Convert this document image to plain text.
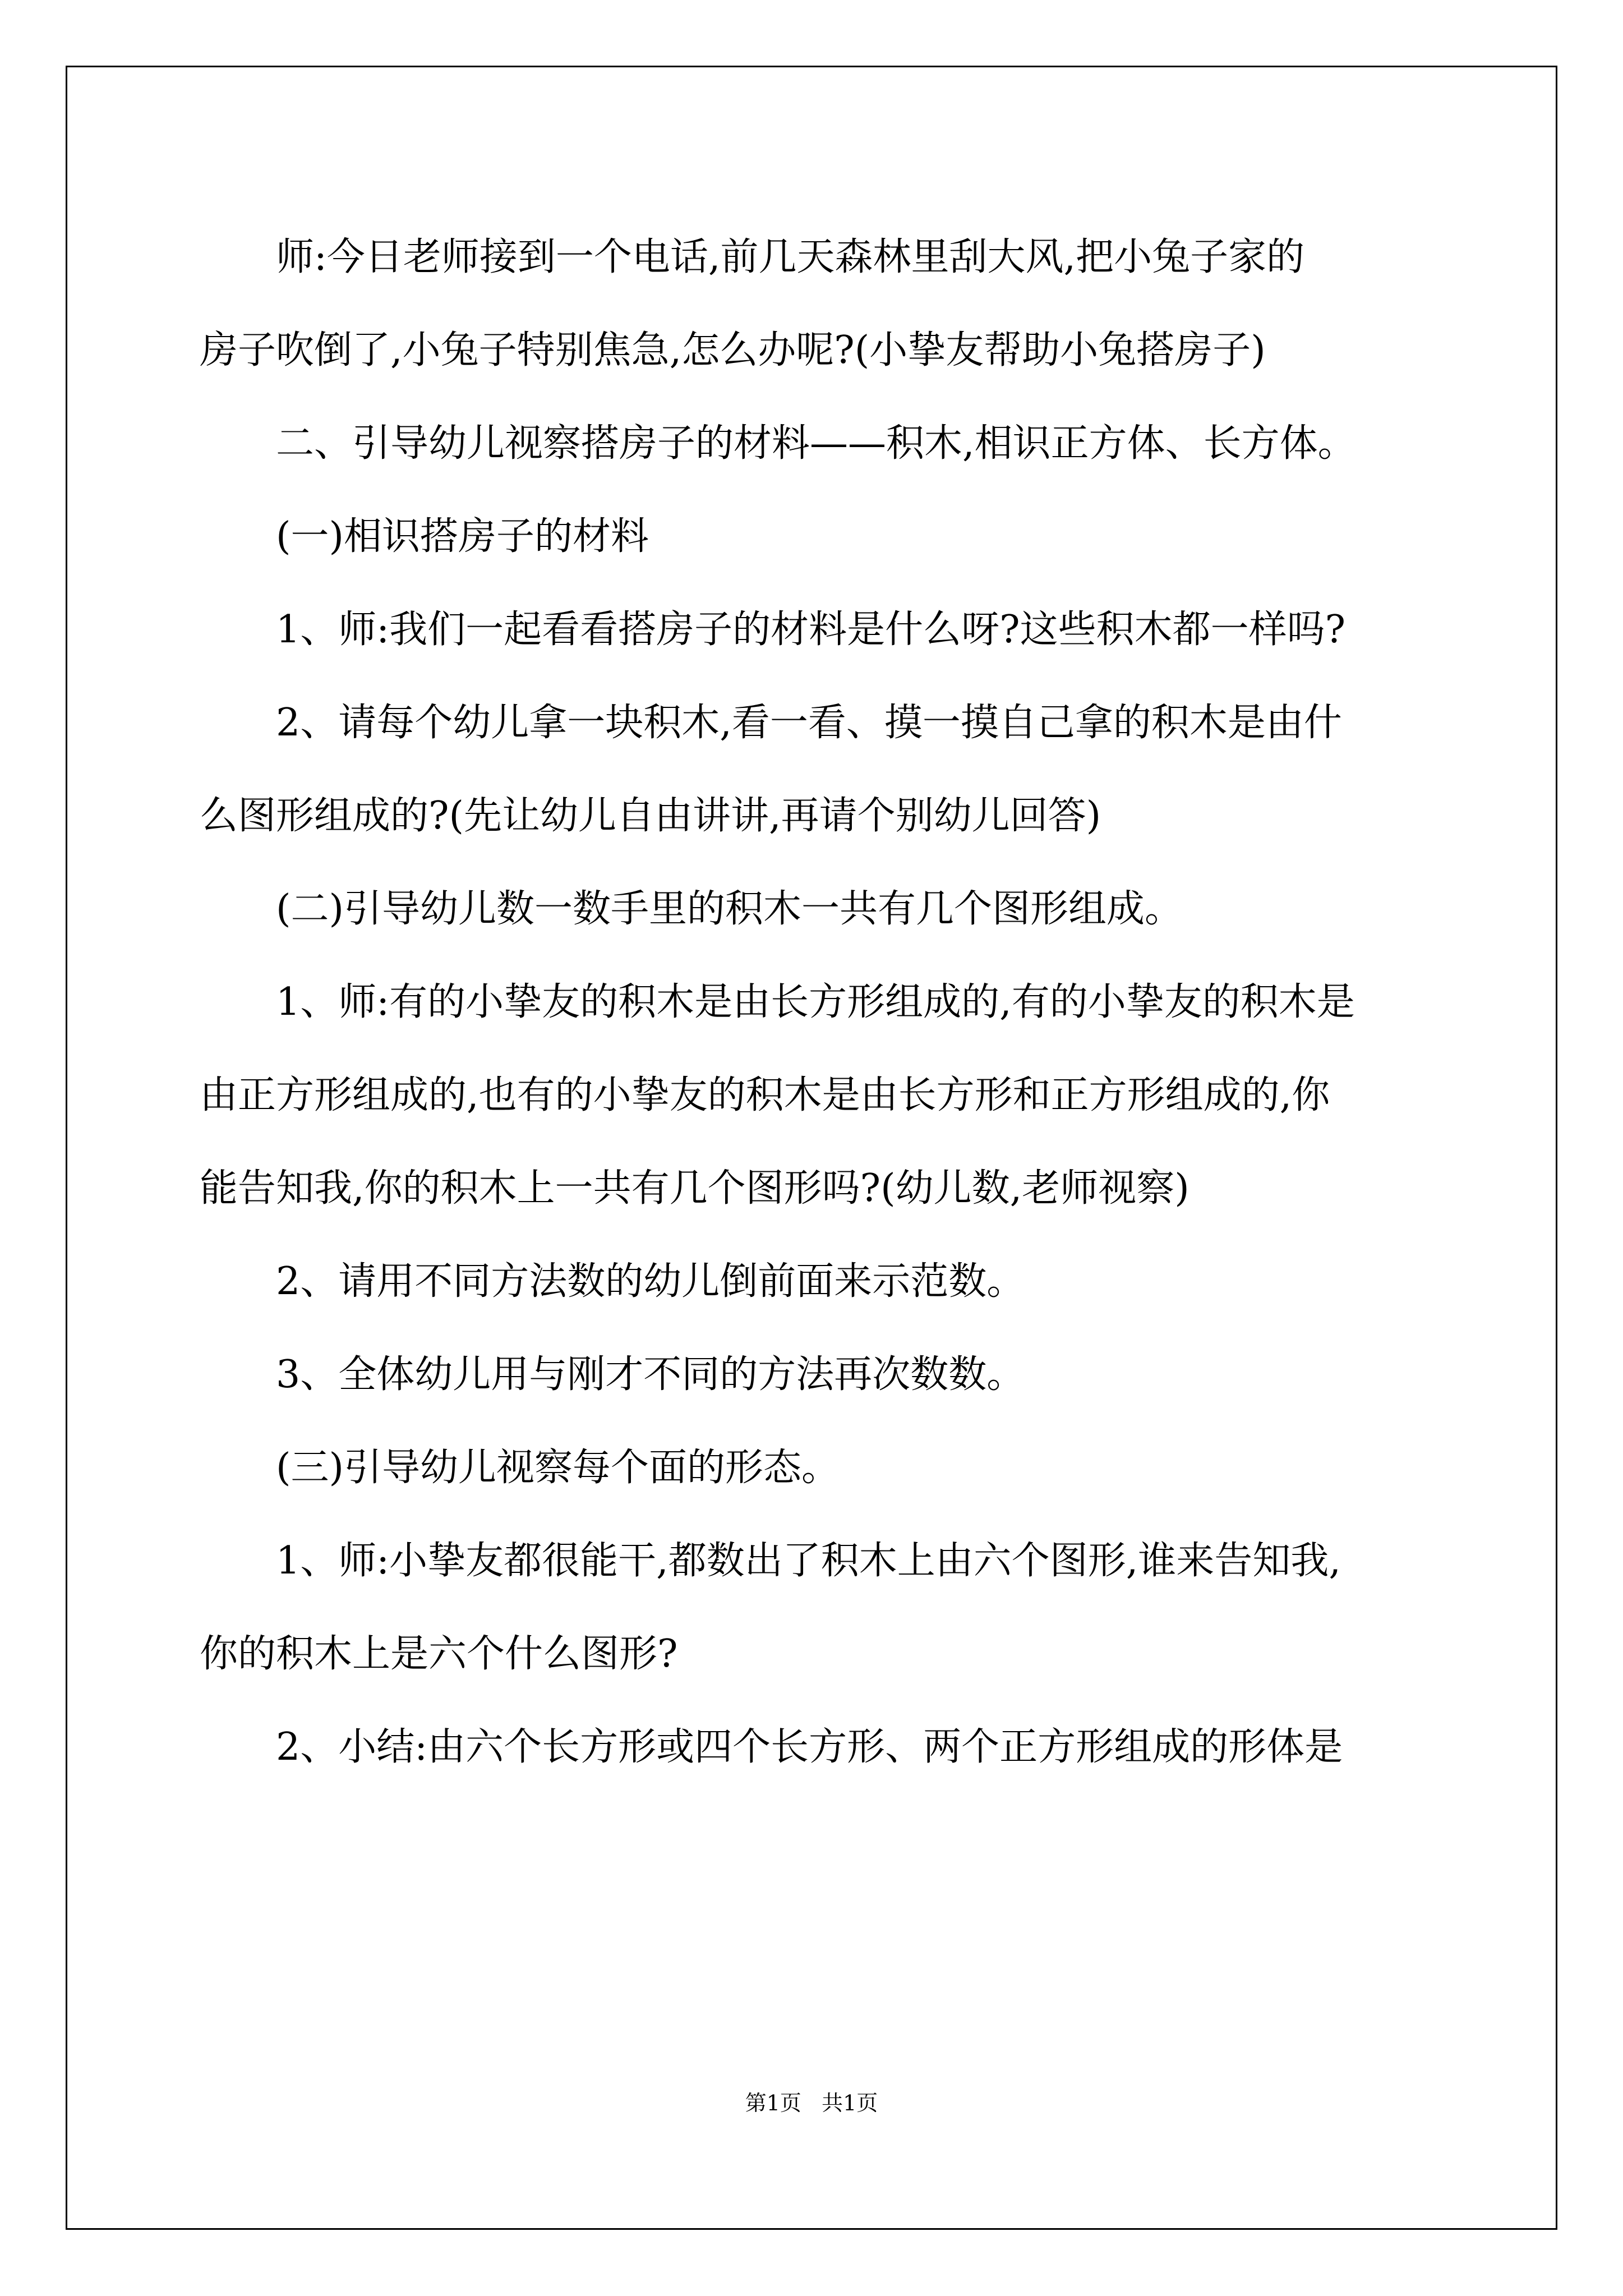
师:今日老师接到一个电话,前几天森林里刮大风,把小兔子家的
房子吹倒了,小兔子特别焦急,怎么办呢?(小挚友帮助小兔搭房子)
二、引导幼儿视察搭房子的材料——积木,相识正方体、长方体。
(一)相识搭房子的材料
1、师:我们一起看看搭房子的材料是什么呀?这些积木都一样吗?
2、请每个幼儿拿一块积木,看一看、摸一摸自己拿的积木是由什
么图形组成的?(先让幼儿自由讲讲,再请个别幼儿回答)
(二)引导幼儿数一数手里的积木一共有几个图形组成。
1、师:有的小挚友的积木是由长方形组成的,有的小挚友的积木是
由正方形组成的,也有的小挚友的积木是由长方形和正方形组成的,你
能告知我,你的积木上一共有几个图形吗?(幼儿数,老师视察)
2、请用不同方法数的幼儿倒前面来示范数。
3、全体幼儿用与刚才不同的方法再次数数。
(三)引导幼儿视察每个面的形态。
1、师:小挚友都很能干,都数出了积木上由六个图形,谁来告知我,
你的积木上是六个什么图形?
2、小结:由六个长方形或四个长方形、两个正方形组成的形体是
第1页   共1页
